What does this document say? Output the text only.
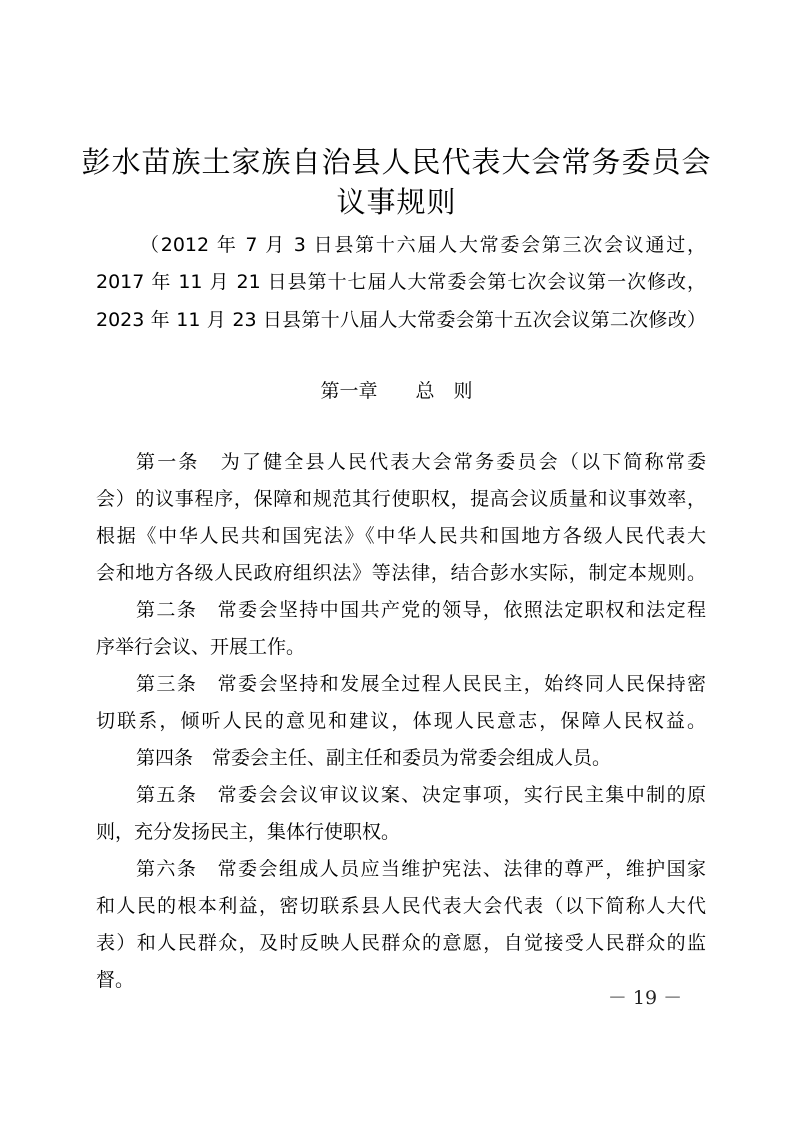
彭水苗族土家族自治县人民代表大会常务委员会
议事规则
（2012 年 7 月 3 日县第十六届人大常委会第三次会议通过，
2017 年 11 月 21 日县第十七届人大常委会第七次会议第一次修改，
2023 年 11 月 23 日县第十八届人大常委会第十五次会议第二次修改）
第一章 总　则
第一条　为了健全县人民代表大会常务委员会（以下简称常委
会）的议事程序，保障和规范其行使职权，提高会议质量和议事效率，
根据《中华人民共和国宪法》《中华人民共和国地方各级人民代表大
会和地方各级人民政府组织法》等法律，结合彭水实际，制定本规则。
第二条　常委会坚持中国共产党的领导，依照法定职权和法定程
序举行会议、开展工作。
第三条　常委会坚持和发展全过程人民民主，始终同人民保持密
切联系，倾听人民的意见和建议，体现人民意志，保障人民权益。
第四条　常委会主任、副主任和委员为常委会组成人员。
第五条　常委会会议审议议案、决定事项，实行民主集中制的原
则，充分发扬民主，集体行使职权。
第六条　常委会组成人员应当维护宪法、法律的尊严，维护国家
和人民的根本利益，密切联系县人民代表大会代表（以下简称人大代
表）和人民群众，及时反映人民群众的意愿，自觉接受人民群众的监
督。
－ 19 －
